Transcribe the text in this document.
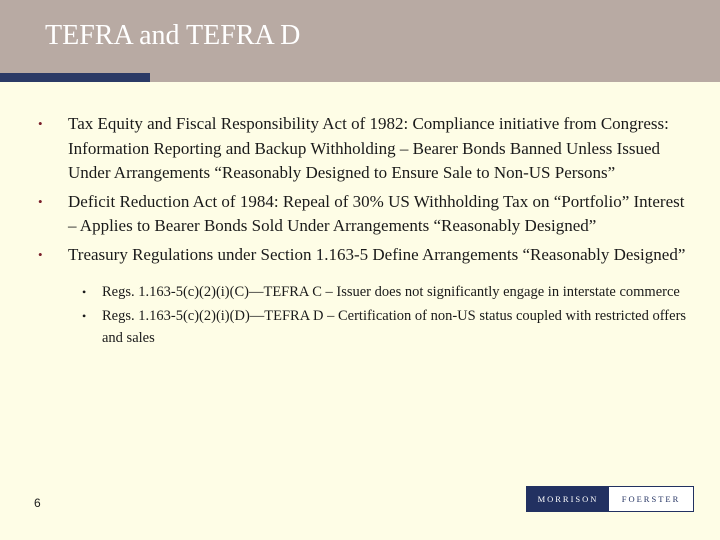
TEFRA and TEFRA D
• Tax Equity and Fiscal Responsibility Act of 1982: Compliance initiative from Congress: Information Reporting and Backup Withholding – Bearer Bonds Banned Unless Issued Under Arrangements “Reasonably Designed to Ensure Sale to Non-US Persons”
• Deficit Reduction Act of 1984: Repeal of 30% US Withholding Tax on “Portfolio” Interest – Applies to Bearer Bonds Sold Under Arrangements “Reasonably Designed”
• Treasury Regulations under Section 1.163-5 Define Arrangements “Reasonably Designed”
• Regs. 1.163-5(c)(2)(i)(C)—TEFRA C – Issuer does not significantly engage in interstate commerce
• Regs. 1.163-5(c)(2)(i)(D)—TEFRA D – Certification of non-US status coupled with restricted offers and sales
6	MORRISON	FOERSTER
